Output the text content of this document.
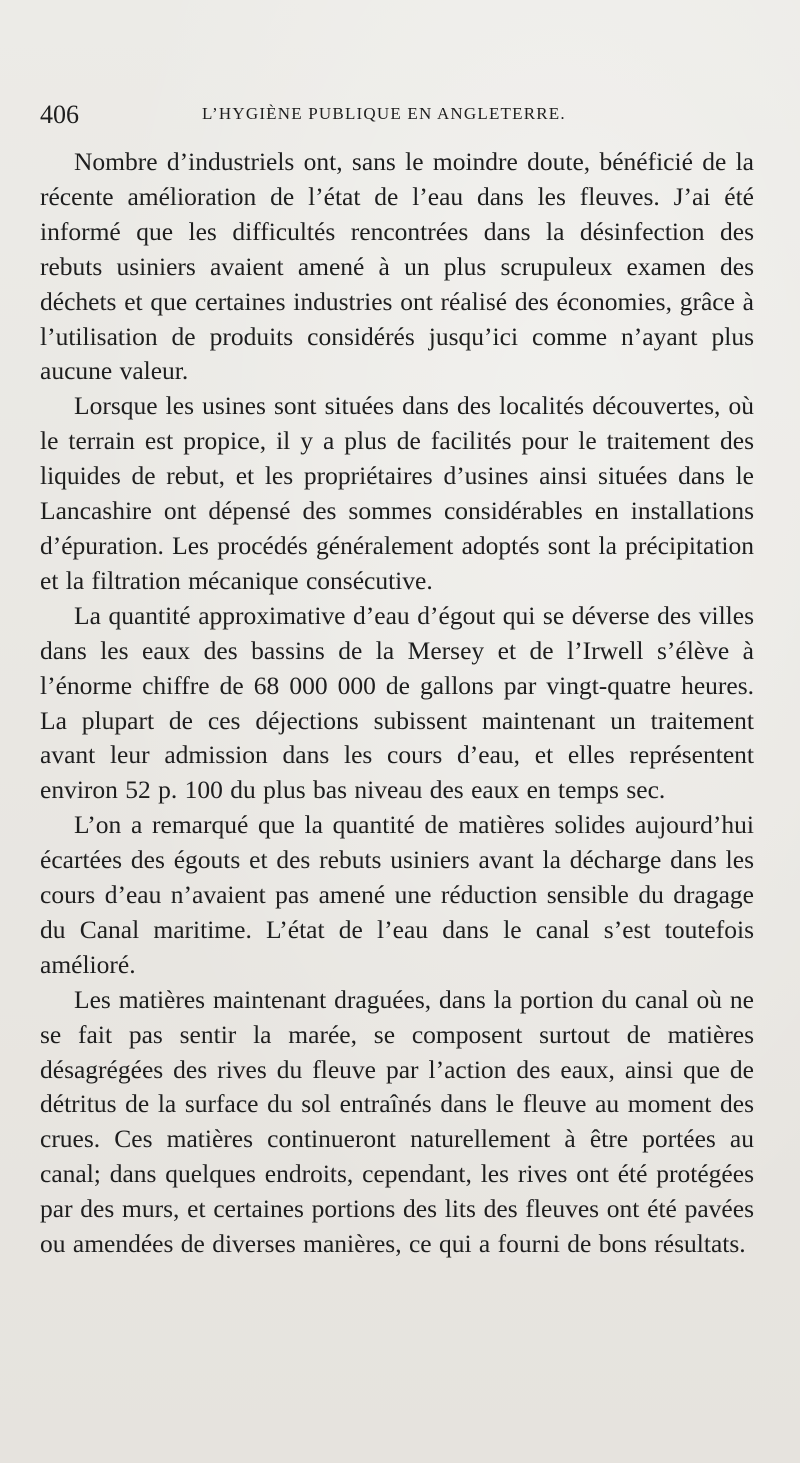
406	L’HYGIÈNE PUBLIQUE EN ANGLETERRE.

Nombre d’industriels ont, sans le moindre doute, bénéficié de la récente amélioration de l’état de l’eau dans les fleuves. J’ai été informé que les difficultés rencontrées dans la désinfection des rebuts usiniers avaient amené à un plus scrupuleux examen des déchets et que certaines industries ont réalisé des économies, grâce à l’utilisation de produits considérés jusqu’ici comme n’ayant plus aucune valeur.

Lorsque les usines sont situées dans des localités découvertes, où le terrain est propice, il y a plus de facilités pour le traitement des liquides de rebut, et les propriétaires d’usines ainsi situées dans le Lancashire ont dépensé des sommes considérables en installations d’épuration. Les procédés généralement adoptés sont la précipitation et la filtration mécanique consécutive.

La quantité approximative d’eau d’égout qui se déverse des villes dans les eaux des bassins de la Mersey et de l’Irwell s’élève à l’énorme chiffre de 68 000 000 de gallons par vingt-quatre heures. La plupart de ces déjections subissent maintenant un traitement avant leur admission dans les cours d’eau, et elles représentent environ 52 p. 100 du plus bas niveau des eaux en temps sec.

L’on a remarqué que la quantité de matières solides aujourd’hui écartées des égouts et des rebuts usiniers avant la décharge dans les cours d’eau n’avaient pas amené une réduction sensible du dragage du Canal maritime. L’état de l’eau dans le canal s’est toutefois amélioré.

Les matières maintenant draguées, dans la portion du canal où ne se fait pas sentir la marée, se composent surtout de matières désagrégées des rives du fleuve par l’action des eaux, ainsi que de détritus de la surface du sol entraînés dans le fleuve au moment des crues. Ces matières continueront naturellement à être portées au canal; dans quelques endroits, cependant, les rives ont été protégées par des murs, et certaines portions des lits des fleuves ont été pavées ou amendées de diverses manières, ce qui a fourni de bons résultats.
